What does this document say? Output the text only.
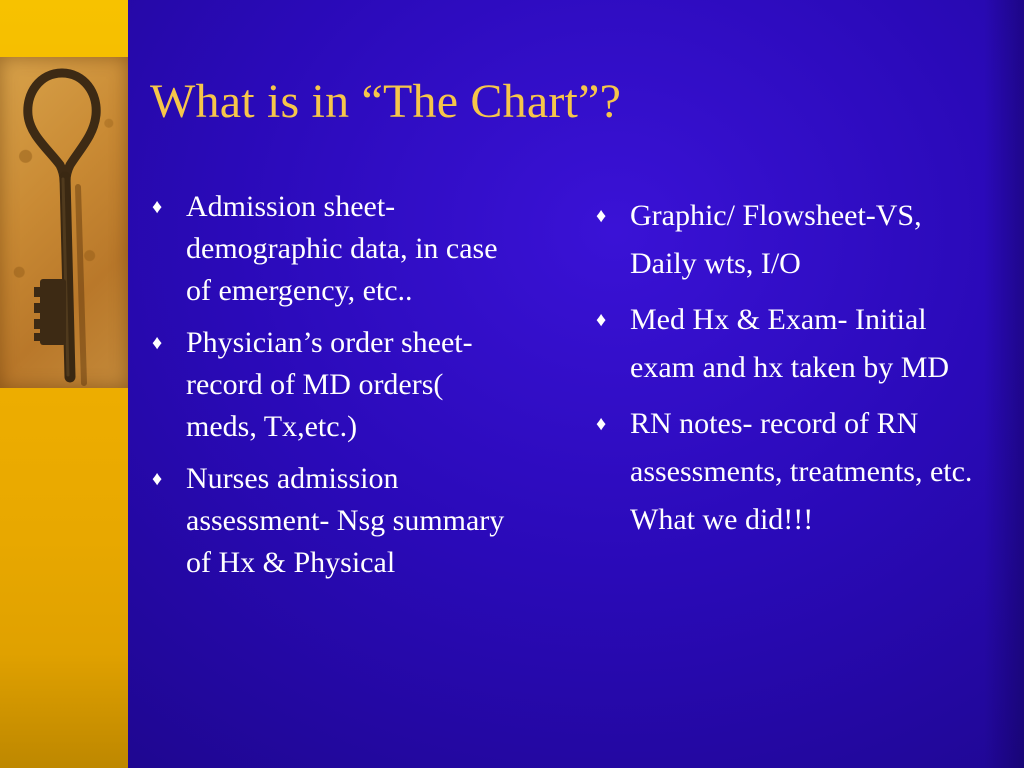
What is in “The Chart”?
♦ Admission sheet-demographic data, in case of emergency, etc..
♦ Physician’s order sheet- record of MD orders( meds, Tx,etc.)
♦ Nurses admission assessment- Nsg summary of Hx & Physical
♦ Graphic/ Flowsheet-VS, Daily wts, I/O
♦ Med Hx & Exam- Initial exam and hx taken by MD
♦ RN notes- record of RN assessments, treatments, etc. What we did!!!
